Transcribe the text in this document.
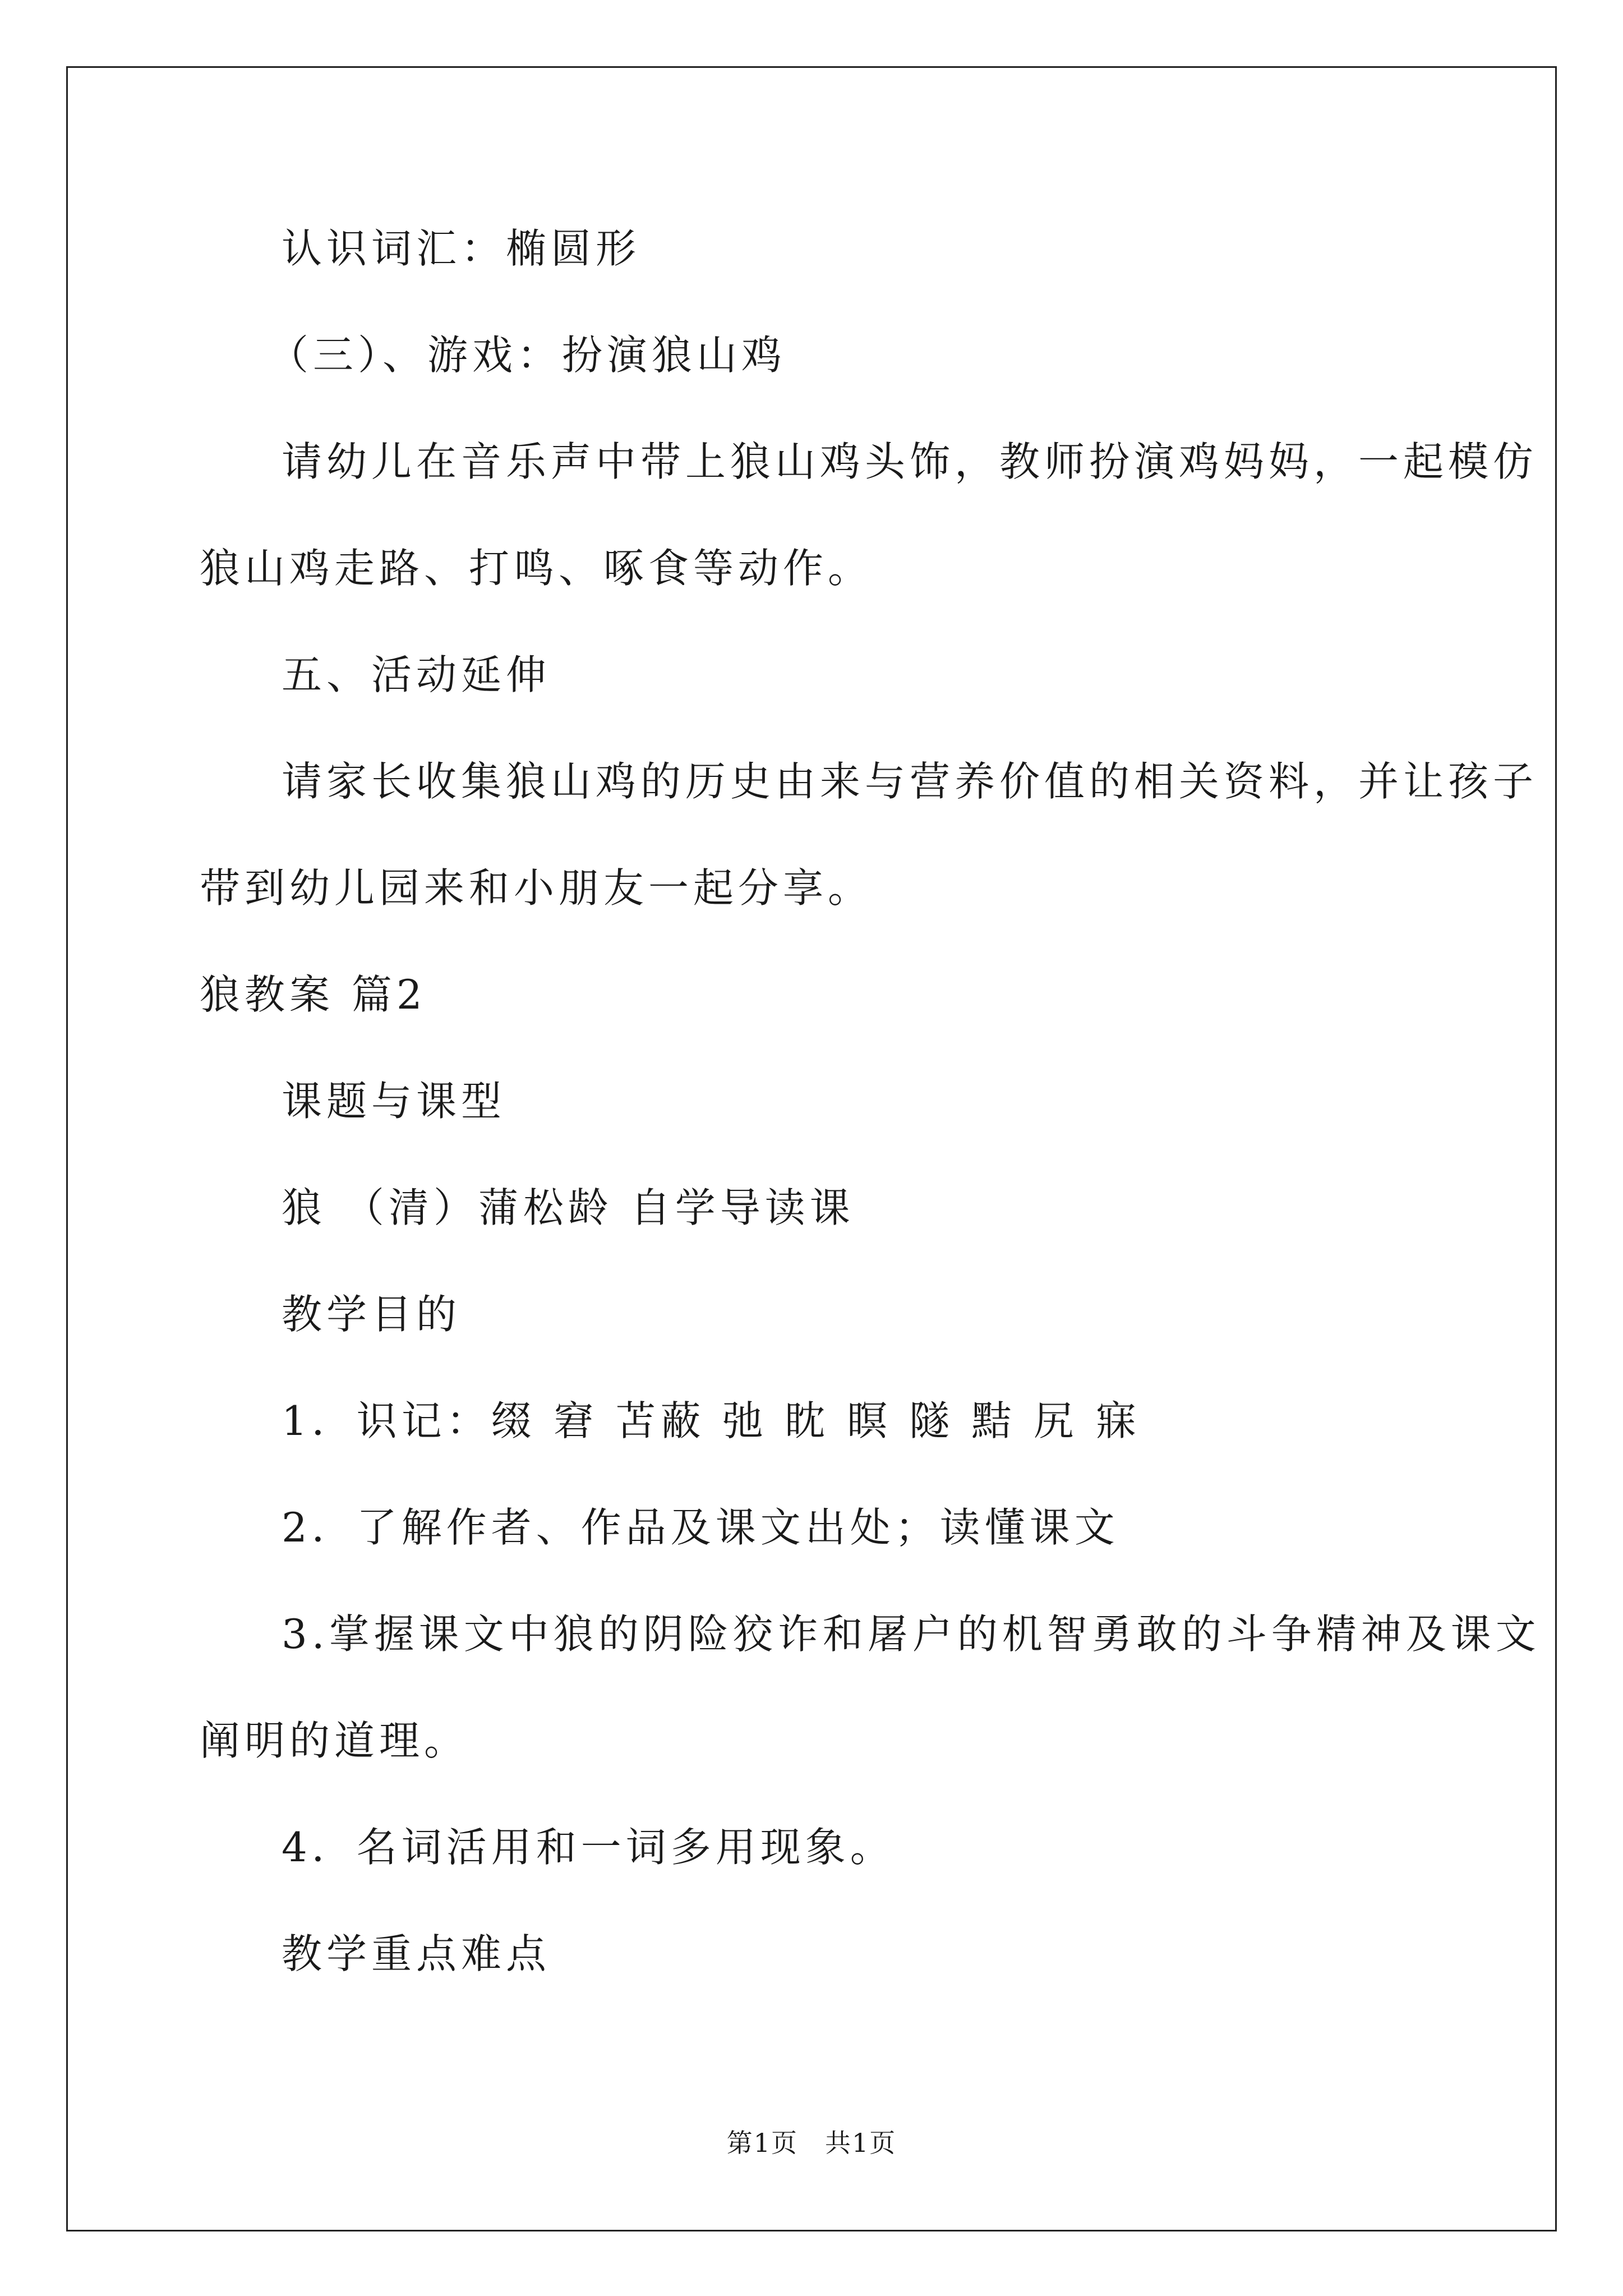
认识词汇：椭圆形
（三）、游戏：扮演狼山鸡
请幼儿在音乐声中带上狼山鸡头饰，教师扮演鸡妈妈，一起模仿
狼山鸡走路、打鸣、啄食等动作。
五、活动延伸
请家长收集狼山鸡的历史由来与营养价值的相关资料，并让孩子
带到幼儿园来和小朋友一起分享。
狼教案 篇2
课题与课型
狼 （清）蒲松龄 自学导读课
教学目的
1．识记：缀 窘 苫蔽 弛 眈 瞑 隧 黠 尻 寐
2．了解作者、作品及课文出处；读懂课文
3.掌握课文中狼的阴险狡诈和屠户的机智勇敢的斗争精神及课文
阐明的道理。
4．名词活用和一词多用现象。
教学重点难点
第1页　共1页
